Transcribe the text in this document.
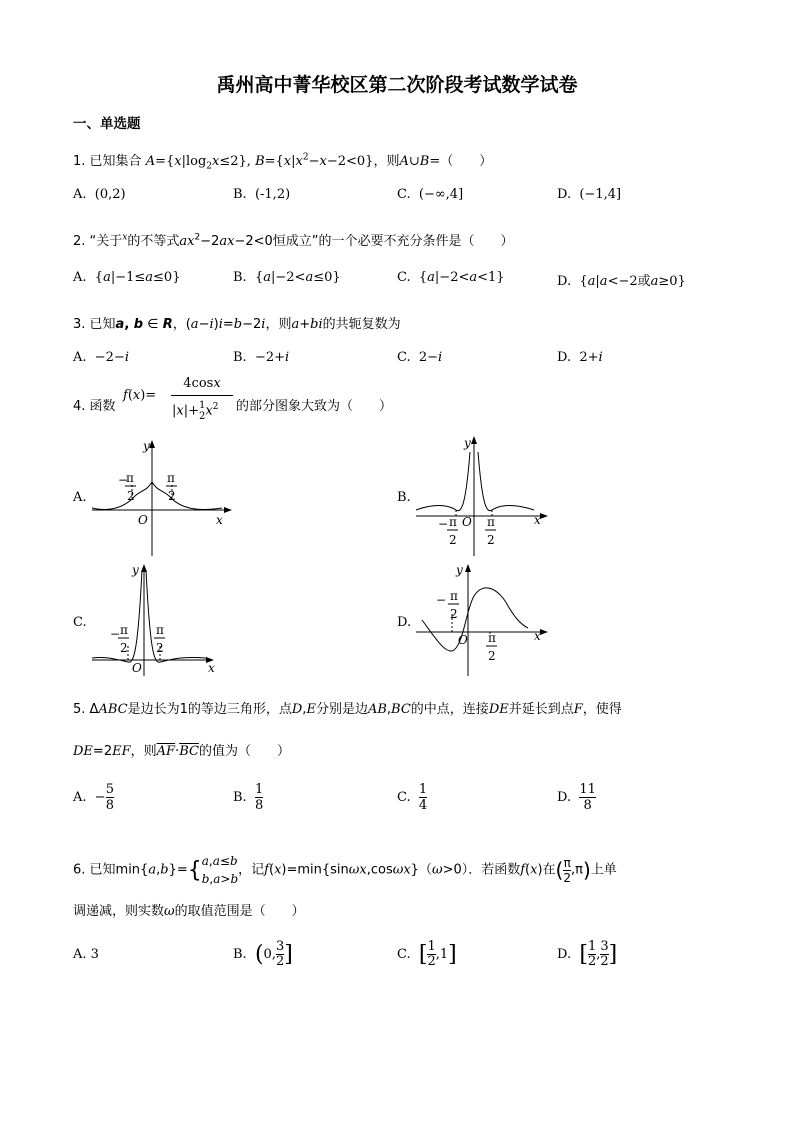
禹州高中菁华校区第二次阶段考试数学试卷
一、单选题
1. 已知集合 $A=\{x|\log_2x\le 2\}$, $B=\{x|x^2-x-2<0\}$，则A∪B=（　　）
A.  (0,2)	B.  (-1,2)	C.  (−∞,4]	D.  (−1,4]
2. “关于$^x$的不等式$ax^2-2ax-2<0$恒成立”的一个必要不充分条件是（　　）
A.  {a|−1≤a≤0}	B.  {a|−2<a≤0}	C.  {a|−2<a<1}	D.  {a|a<−2或a≥0}
3. 已知a, b ∈ R，(a−i)i=b−2i，则a+bi的共轭复数为
A.  −2−i	B.  −2+i	C.  2−i	D.  2+i
4. 函数
f(x)=
4cosx
|x|+1
$2x^2$ 的部分图象大致为（　　）
A.	B.
C.	D.
y
x
O
−
π
2
π
2
y
x
O
− π
2
π
2
y
x
O
− π
2
π
2
y
x
O
− π
2
π
2
5. ΔABC是边长为1的等边三角形，点D,E分别是边AB,BC的中点，连接DE并延长到点F，使得
DE=2EF，则$\overline{AF}\cdot\overline{BC}$的值为（　　）
A.  − $\frac{5}{8}$	B. $\frac{1}{8}$	C. $\frac{1}{4}$	D. $\frac{11}{8}$
6. 已知min{a,b}={a,a≤b
b,a>b，记f(x)=min{sinωx,cosωx}（ω>0）．若函数f(x)在( $\frac{\pi}{2} ,\pi$)上单
调递减，则实数ω的取值范围是（　　）
A. 3	B.  (0, $\frac{3}{2}$ ]	C.  [ $\frac{1}{2} ,1$]	D.  [ $\frac{1}{2}$ , $\frac{3}{2}$ ]
